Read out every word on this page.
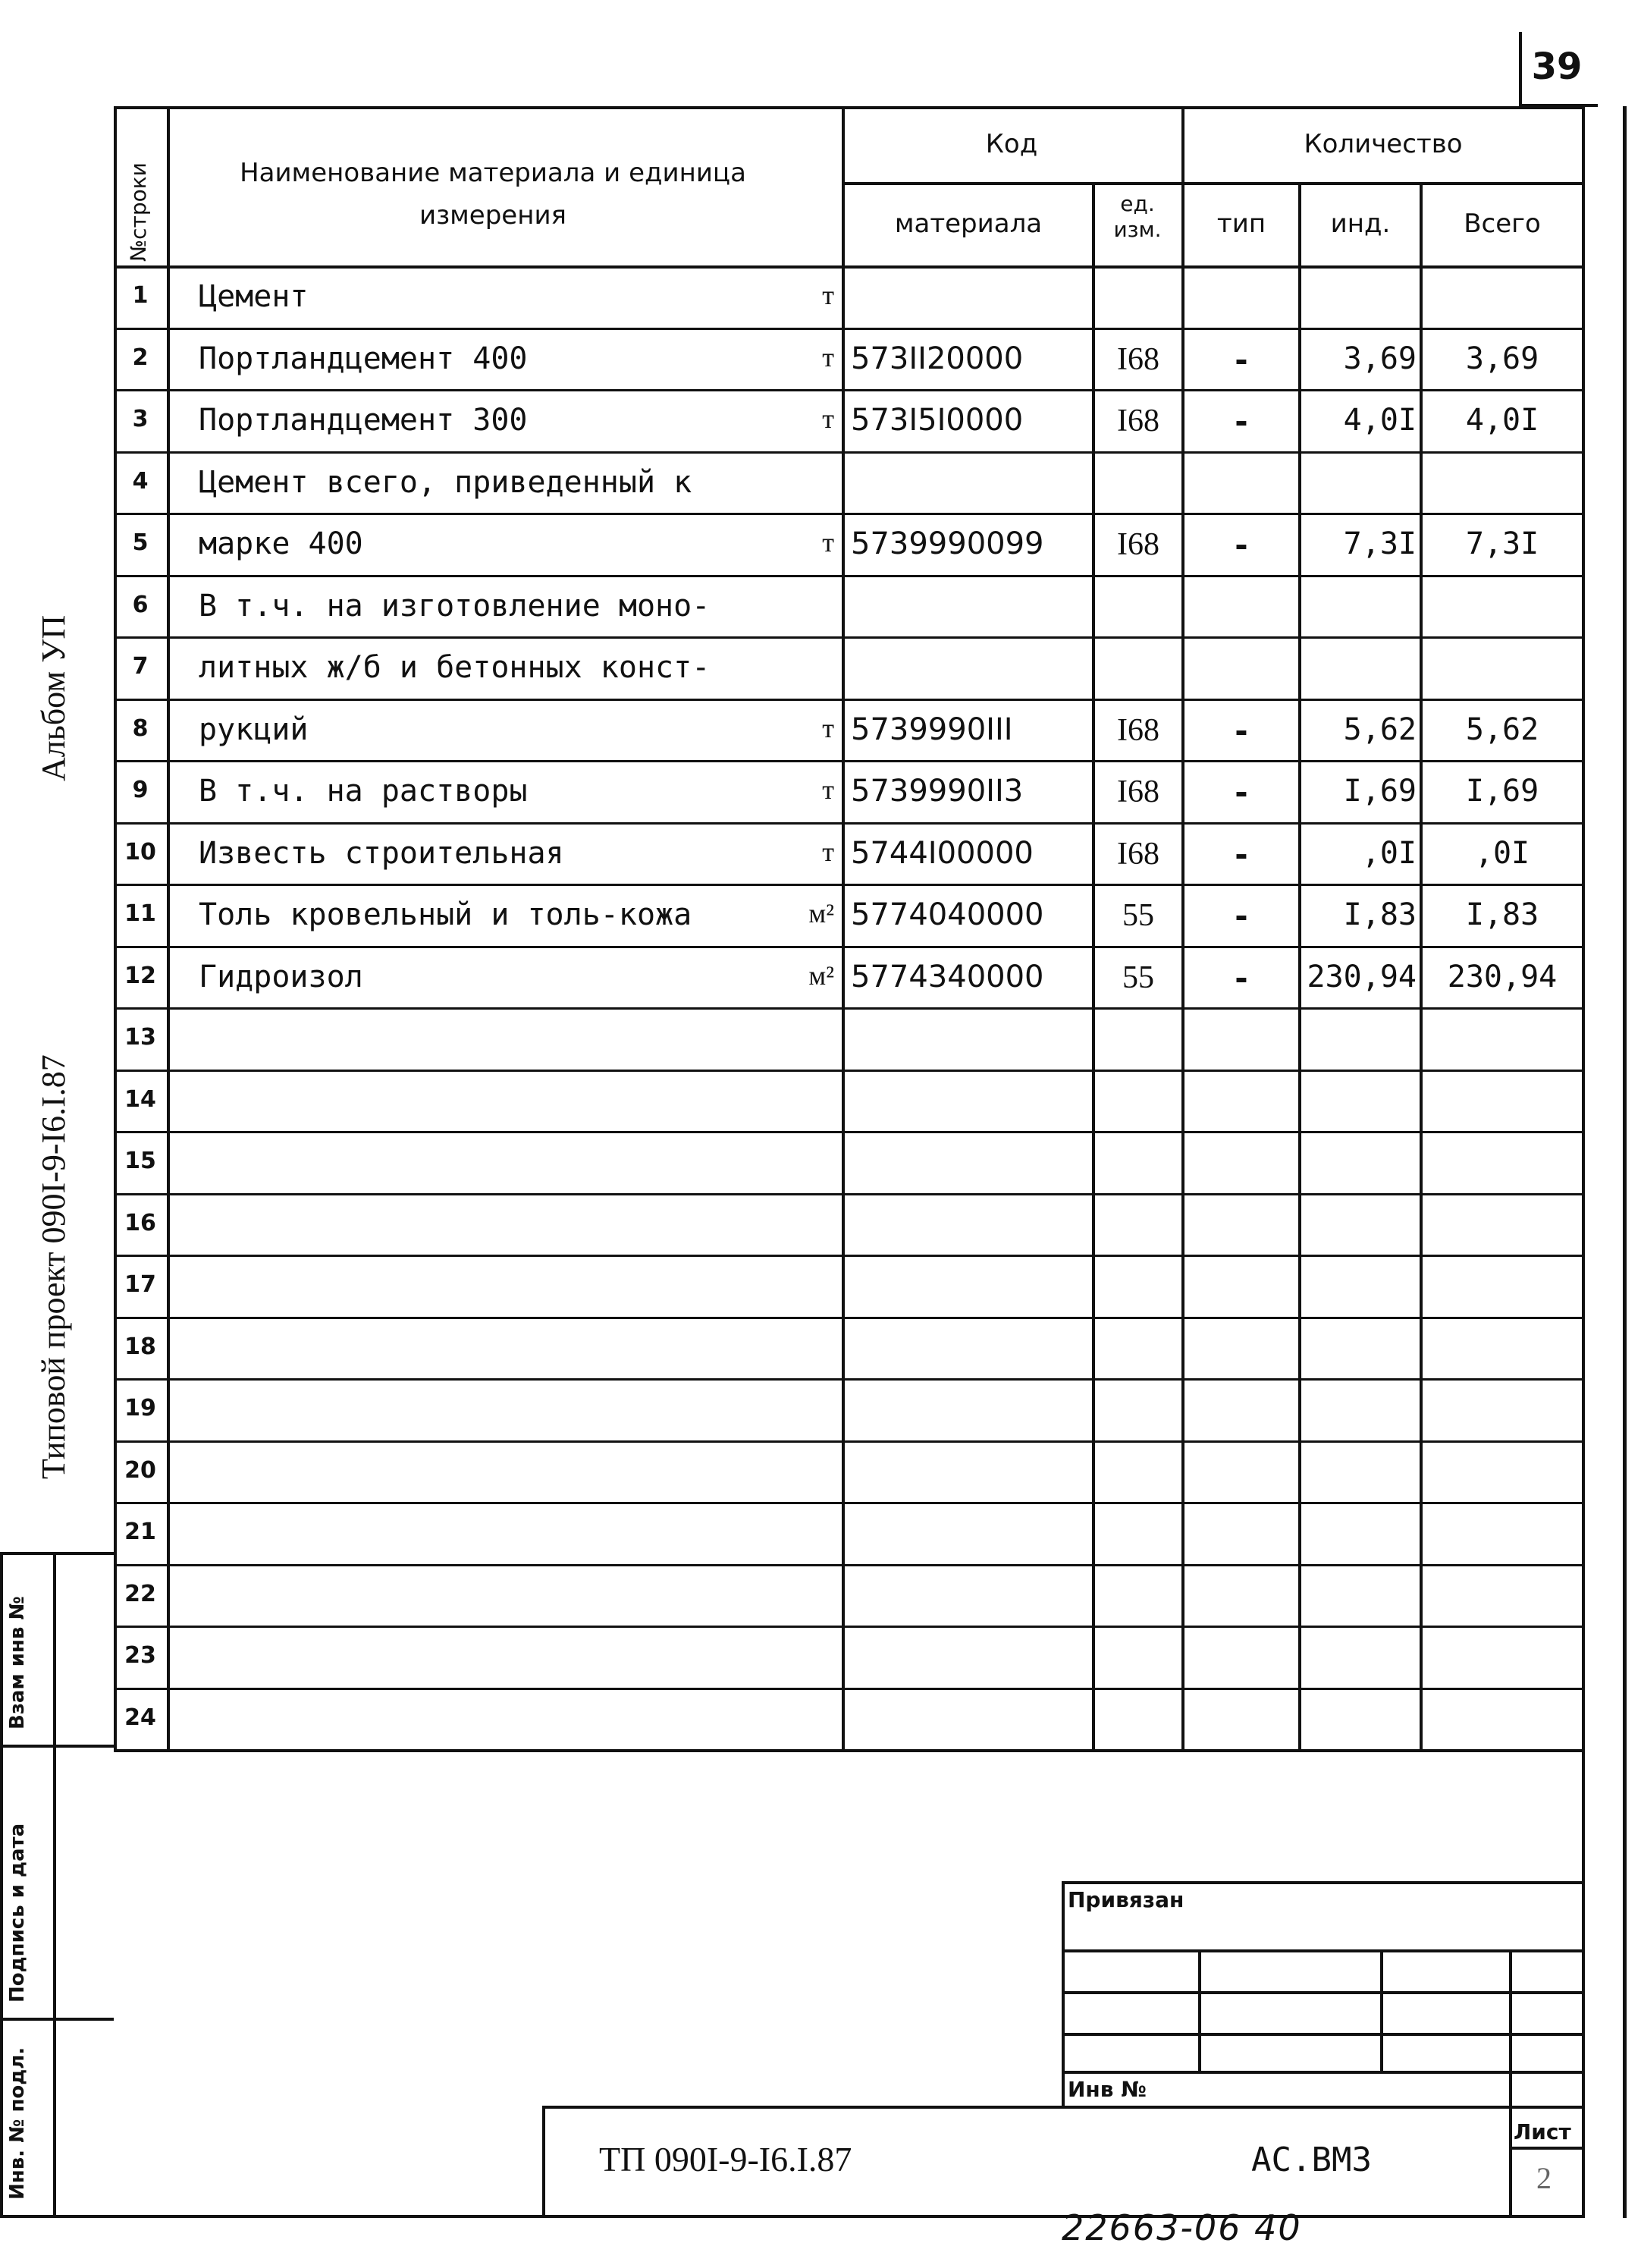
39
Альбом УП
Типовой проект 090I-9-I6.I.87
Взам инв №
Подпись и дата
Инв. № подл.
№строки	Наименование материала и единица измерения
Код	Количество
материала
ед. изм.	тип	инд.	Всего
1	Цемент	т
2	Портландцемент 400	т 573II20000	I68	-	3,69	3,69
3	Портландцемент 300	т 573I5I0000	I68	-	4,0I	4,0I
4	Цемент всего, приведенный к
5	марке 400	т 5739990099	I68	-	7,3I	7,3I
6	В т.ч. на изготовление моно-
7	литных ж/б и бетонных конст-
8	рукций	т 5739990III	I68	-	5,62	5,62
9	В т.ч. на растворы	т 5739990II3	I68	-	I,69	I,69
10	Известь строительная	т 5744I00000	I68	-	,0I	,0I
11	Толь кровельный и толь-кожа	м² 5774040000	55	-	I,83	I,83
12	Гидроизол	м² 5774340000	55	-	230,94	230,94
13
14
15
16
17
18
19
20
21
22
23
24
Привязан
Инв №
ТП 090I-9-I6.I.87	АС.ВМЗ
Лист
2
22663-06 40
